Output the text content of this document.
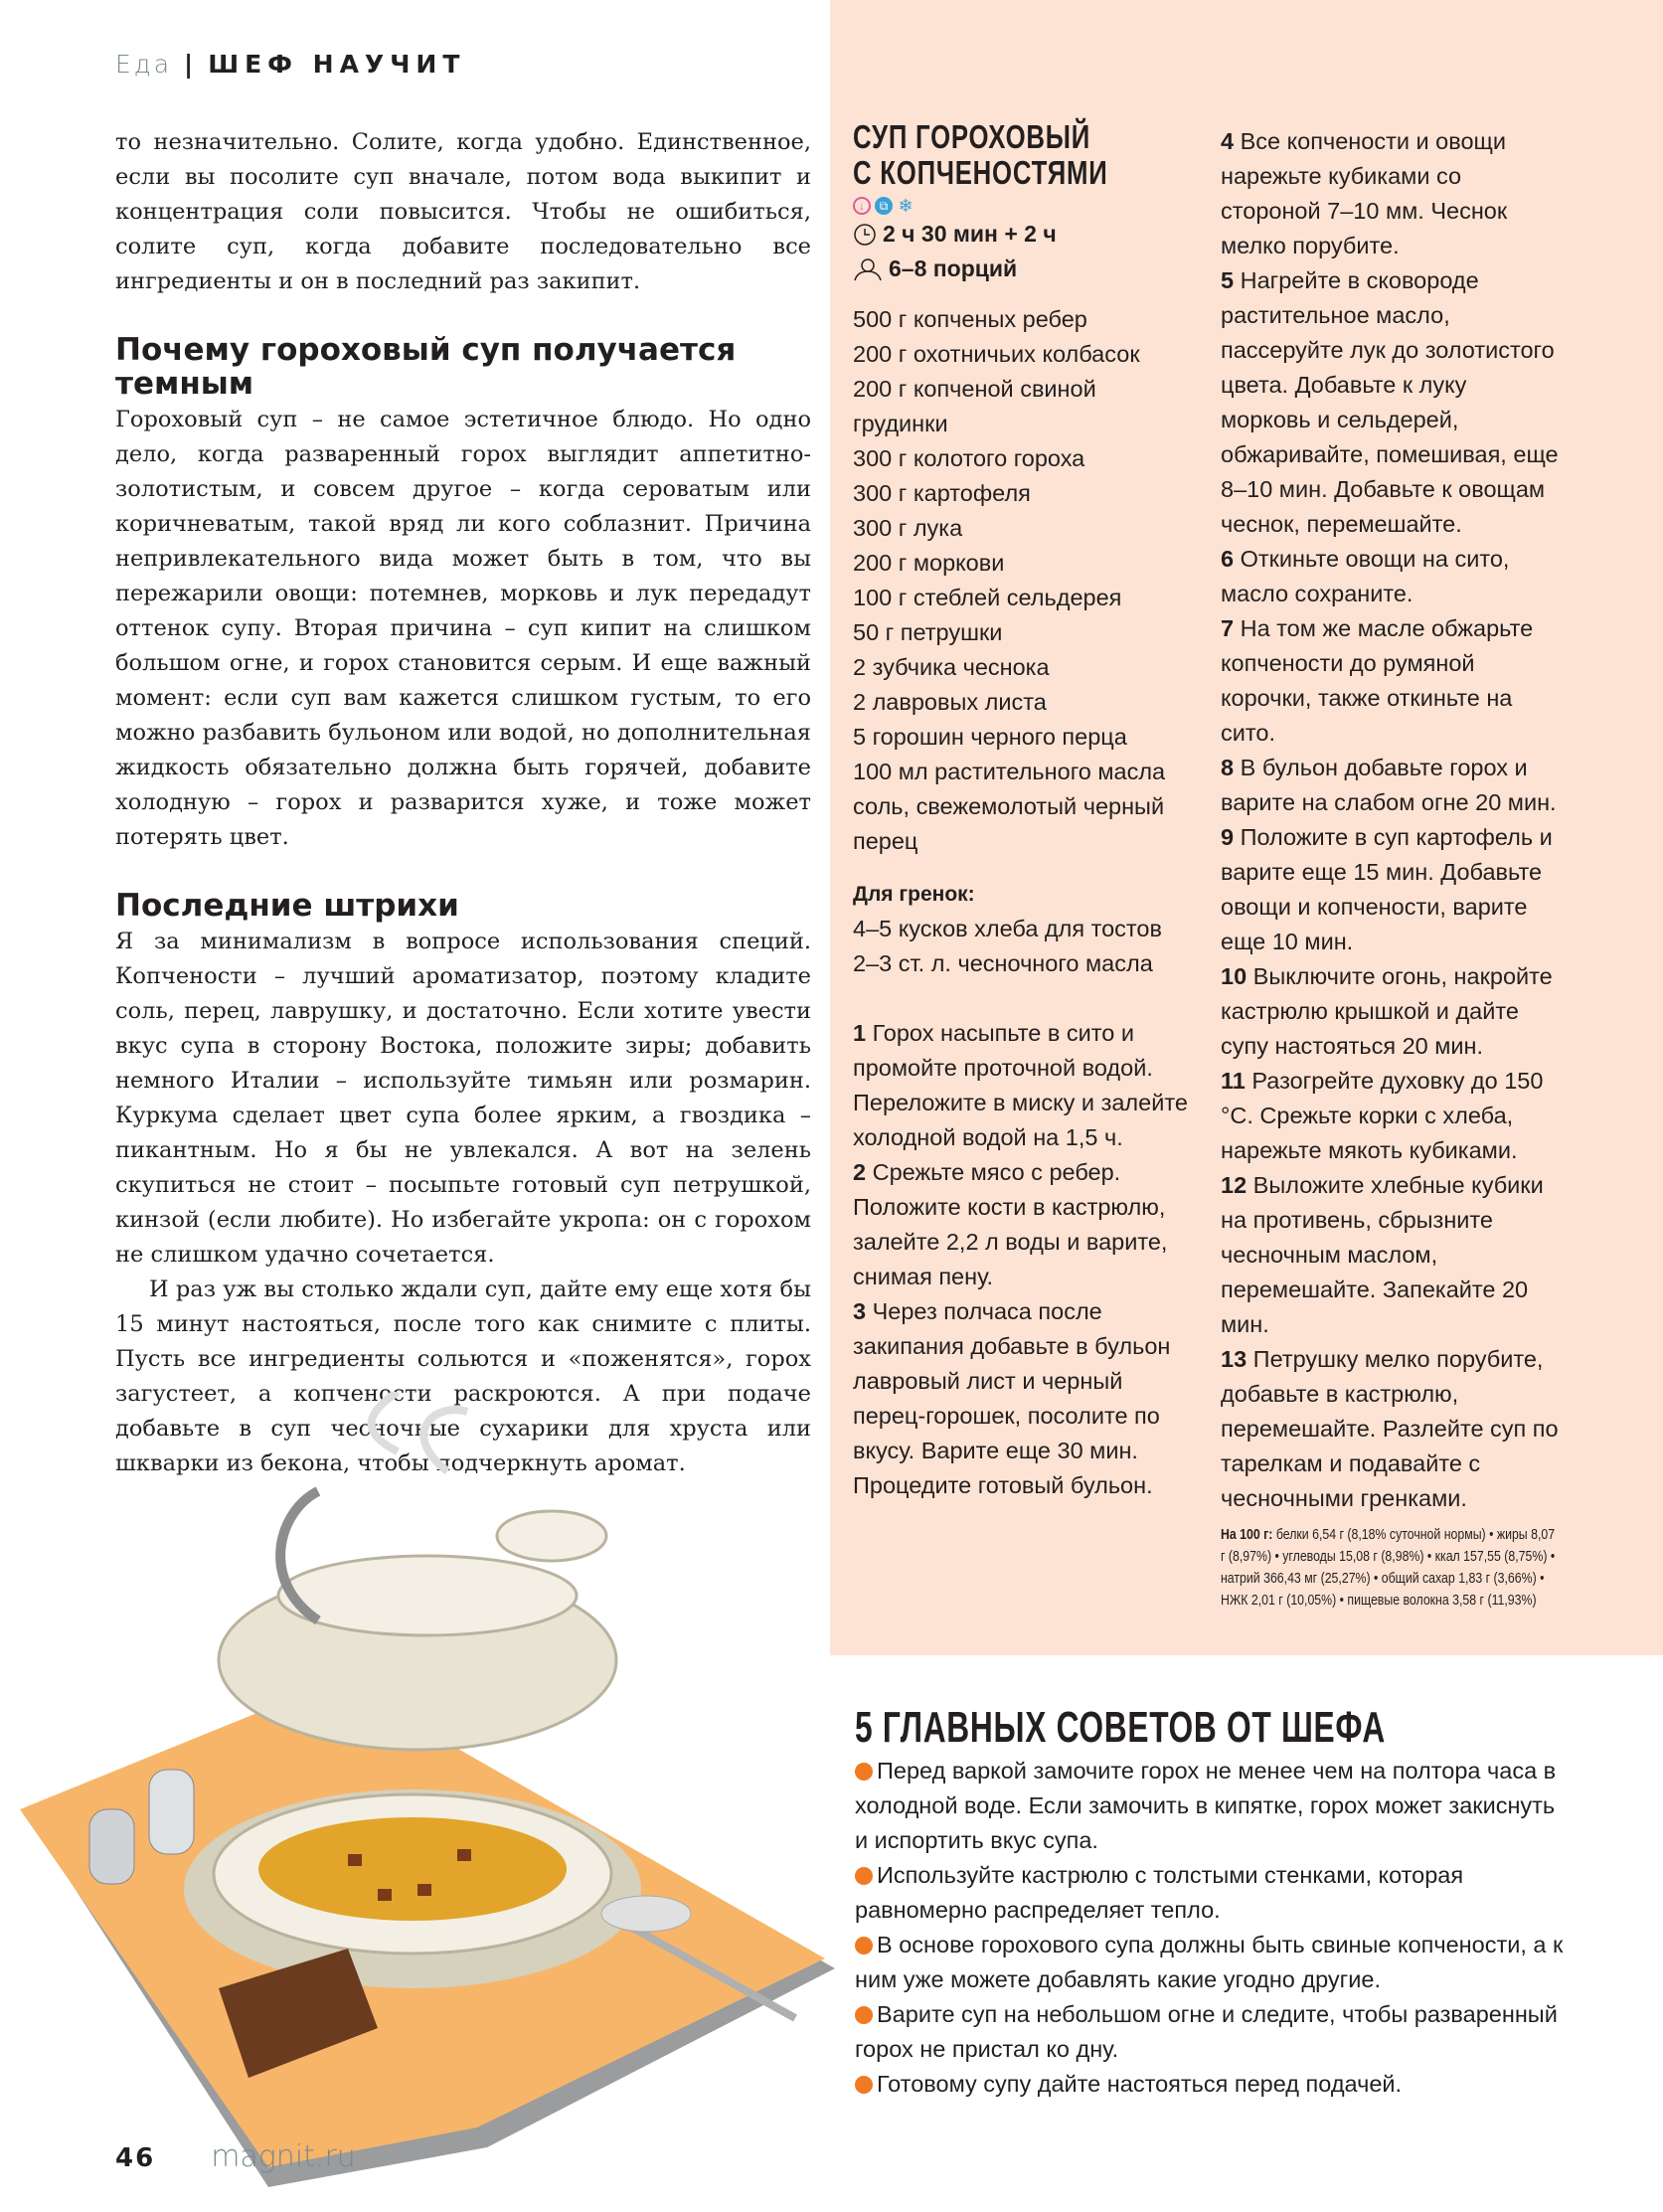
Еда | ШЕФ НАУЧИТ

то незначительно. Солите, когда удобно. Единственное, если вы посолите суп вначале, потом вода выкипит и концентрация соли повысится. Чтобы не ошибиться, солите суп, когда добавите последовательно все ингредиенты и он в последний раз закипит.

Почему гороховый суп получается темным

Гороховый суп – не самое эстетичное блюдо. Но одно дело, когда разваренный горох выглядит аппетитно-золотистым, и совсем другое – когда сероватым или коричневатым, такой вряд ли кого соблазнит. Причина непривлекательного вида может быть в том, что вы пережарили овощи: потемнев, морковь и лук передадут оттенок супу. Вторая причина – суп кипит на слишком большом огне, и горох становится серым. И еще важный момент: если суп вам кажется слишком густым, то его можно разбавить бульоном или водой, но дополнительная жидкость обязательно должна быть горячей, добавите холодную – горох и разварится хуже, и тоже может потерять цвет.

Последние штрихи

Я за минимализм в вопросе использования специй. Копчености – лучший ароматизатор, поэтому кладите соль, перец, лаврушку, и достаточно. Если хотите увести вкус супа в сторону Востока, положите зиры; добавить немного Италии – используйте тимьян или розмарин. Куркума сделает цвет супа более ярким, а гвоздика – пикантным. Но я бы не увлекался. А вот на зелень скупиться не стоит – посыпьте готовый суп петрушкой, кинзой (если любите). Но избегайте укропа: он с горохом не слишком удачно сочетается.

И раз уж вы столько ждали суп, дайте ему еще хотя бы 15 минут настояться, после того как снимите с плиты. Пусть все ингредиенты сольются и «поженятся», горох загустеет, а копчености раскроются. А при подаче добавьте в суп чесночные сухарики для хруста или шкварки из бекона, чтобы подчеркнуть аромат.

СУП ГОРОХОВЫЙ
С КОПЧЕНОСТЯМИ
↓	⧉ ❄
2 ч 30 мин + 2 ч
6–8 порций
500 г копченых ребер
200 г охотничьих колбасок
200 г копченой свиной грудинки
300 г колотого гороха
300 г картофеля
300 г лука
200 г моркови
100 г стеблей сельдерея
50 г петрушки
2 зубчика чеснока
2 лавровых листа
5 горошин черного перца
100 мл растительного масла
соль, свежемолотый черный перец
Для гренок:
4–5 кусков хлеба для тостов
2–3 ст. л. чесночного масла
1 Горох насыпьте в сито и промойте проточной водой. Переложите в миску и залейте холодной водой на 1,5 ч.
2 Срежьте мясо с ребер. Положите кости в кастрюлю, залейте 2,2 л воды и варите, снимая пену.
3 Через полчаса после закипания добавьте в бульон лавровый лист и черный перец-горошек, посолите по вкусу. Варите еще 30 мин. Процедите готовый бульон.
4 Все копчености и овощи нарежьте кубиками со стороной 7–10 мм. Чеснок мелко порубите.
5 Нагрейте в сковороде растительное масло, пассеруйте лук до золотистого цвета. Добавьте к луку морковь и сельдерей, обжаривайте, помешивая, еще 8–10 мин. Добавьте к овощам чеснок, перемешайте.
6 Откиньте овощи на сито, масло сохраните.
7 На том же масле обжарьте копчености до румяной корочки, также откиньте на сито.
8 В бульон добавьте горох и варите на слабом огне 20 мин.
9 Положите в суп картофель и варите еще 15 мин. Добавьте овощи и копчености, варите еще 10 мин.
10 Выключите огонь, накройте кастрюлю крышкой и дайте супу настояться 20 мин.
11 Разогрейте духовку до 150 °С. Срежьте корки с хлеба, нарежьте мякоть кубиками.
12 Выложите хлебные кубики на противень, сбрызните чесночным маслом, перемешайте. Запекайте 20 мин.
13 Петрушку мелко порубите, добавьте в кастрюлю, перемешайте. Разлейте суп по тарелкам и подавайте с чесночными гренками.
На 100 г: белки 6,54 г (8,18% суточной нормы) • жиры 8,07 г (8,97%) • углеводы 15,08 г (8,98%) • ккал 157,55 (8,75%) • натрий 366,43 мг (25,27%) • общий сахар 1,83 г (3,66%) • НЖК 2,01 г (10,05%) • пищевые волокна 3,58 г (11,93%)
5 ГЛАВНЫХ СОВЕТОВ ОТ ШЕФА
Перед варкой замочите горох не менее чем на полтора часа в холодной воде. Если замочить в кипятке, горох может закиснуть и испортить вкус супа.
Используйте кастрюлю с толстыми стенками, которая равномерно распределяет тепло.
В основе горохового супа должны быть свиные копчености, а к ним уже можете добавлять какие угодно другие.
Варите суп на небольшом огне и следите, чтобы разваренный горох не пристал ко дну.
Готовому супу дайте настояться перед подачей.
46 magnit.ru
